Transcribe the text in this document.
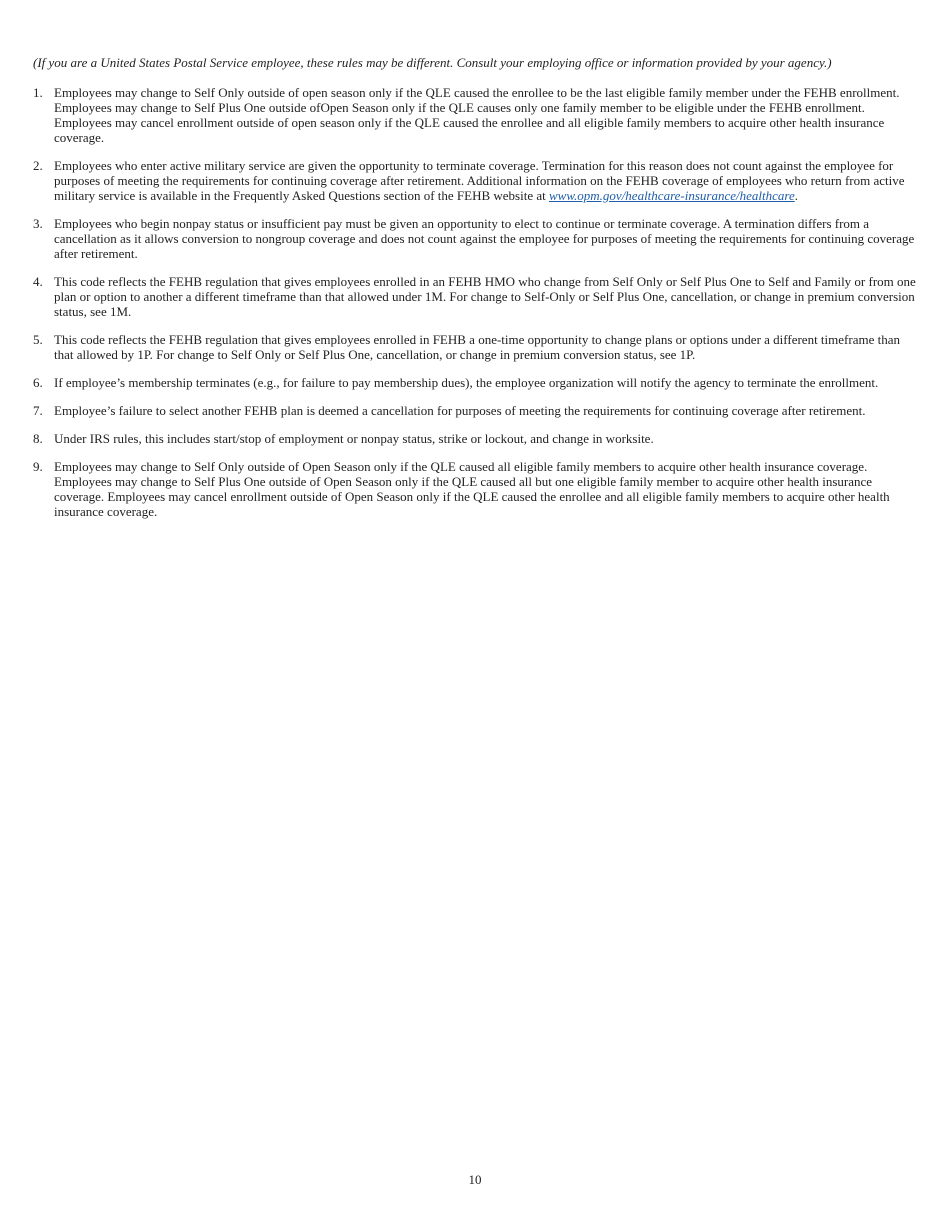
(If you are a United States Postal Service employee, these rules may be different. Consult your employing office or information provided by your agency.)

1. Employees may change to Self Only outside of open season only if the QLE caused the enrollee to be the last eligible family member under the FEHB enrollment. Employees may change to Self Plus One outside ofOpen Season only if the QLE causes only one family member to be eligible under the FEHB enrollment. Employees may cancel enrollment outside of open season only if the QLE caused the enrollee and all eligible family members to acquire other health insurance coverage.
2. Employees who enter active military service are given the opportunity to terminate coverage. Termination for this reason does not count against the employee for purposes of meeting the requirements for continuing coverage after retirement. Additional information on the FEHB coverage of employees who return from active military service is available in the Frequently Asked Questions section of the FEHB website at www.opm.gov/healthcare-insurance/healthcare.
3. Employees who begin nonpay status or insufficient pay must be given an opportunity to elect to continue or terminate coverage. A termination differs from a cancellation as it allows conversion to nongroup coverage and does not count against the employee for purposes of meeting the requirements for continuing coverage after retirement.
4. This code reflects the FEHB regulation that gives employees enrolled in an FEHB HMO who change from Self Only or Self Plus One to Self and Family or from one plan or option to another a different timeframe than that allowed under 1M. For change to Self-Only or Self Plus One, cancellation, or change in premium conversion status, see 1M.
5. This code reflects the FEHB regulation that gives employees enrolled in FEHB a one-time opportunity to change plans or options under a different timeframe than that allowed by 1P. For change to Self Only or Self Plus One, cancellation, or change in premium conversion status, see 1P.
6. If employee’s membership terminates (e.g., for failure to pay membership dues), the employee organization will notify the agency to terminate the enrollment.
7. Employee’s failure to select another FEHB plan is deemed a cancellation for purposes of meeting the requirements for continuing coverage after retirement.
8. Under IRS rules, this includes start/stop of employment or nonpay status, strike or lockout, and change in worksite.
9. Employees may change to Self Only outside of Open Season only if the QLE caused all eligible family members to acquire other health insurance coverage. Employees may change to Self Plus One outside of Open Season only if the QLE caused all but one eligible family member to acquire other health insurance coverage. Employees may cancel enrollment outside of Open Season only if the QLE caused the enrollee and all eligible family members to acquire other health insurance coverage.
10
